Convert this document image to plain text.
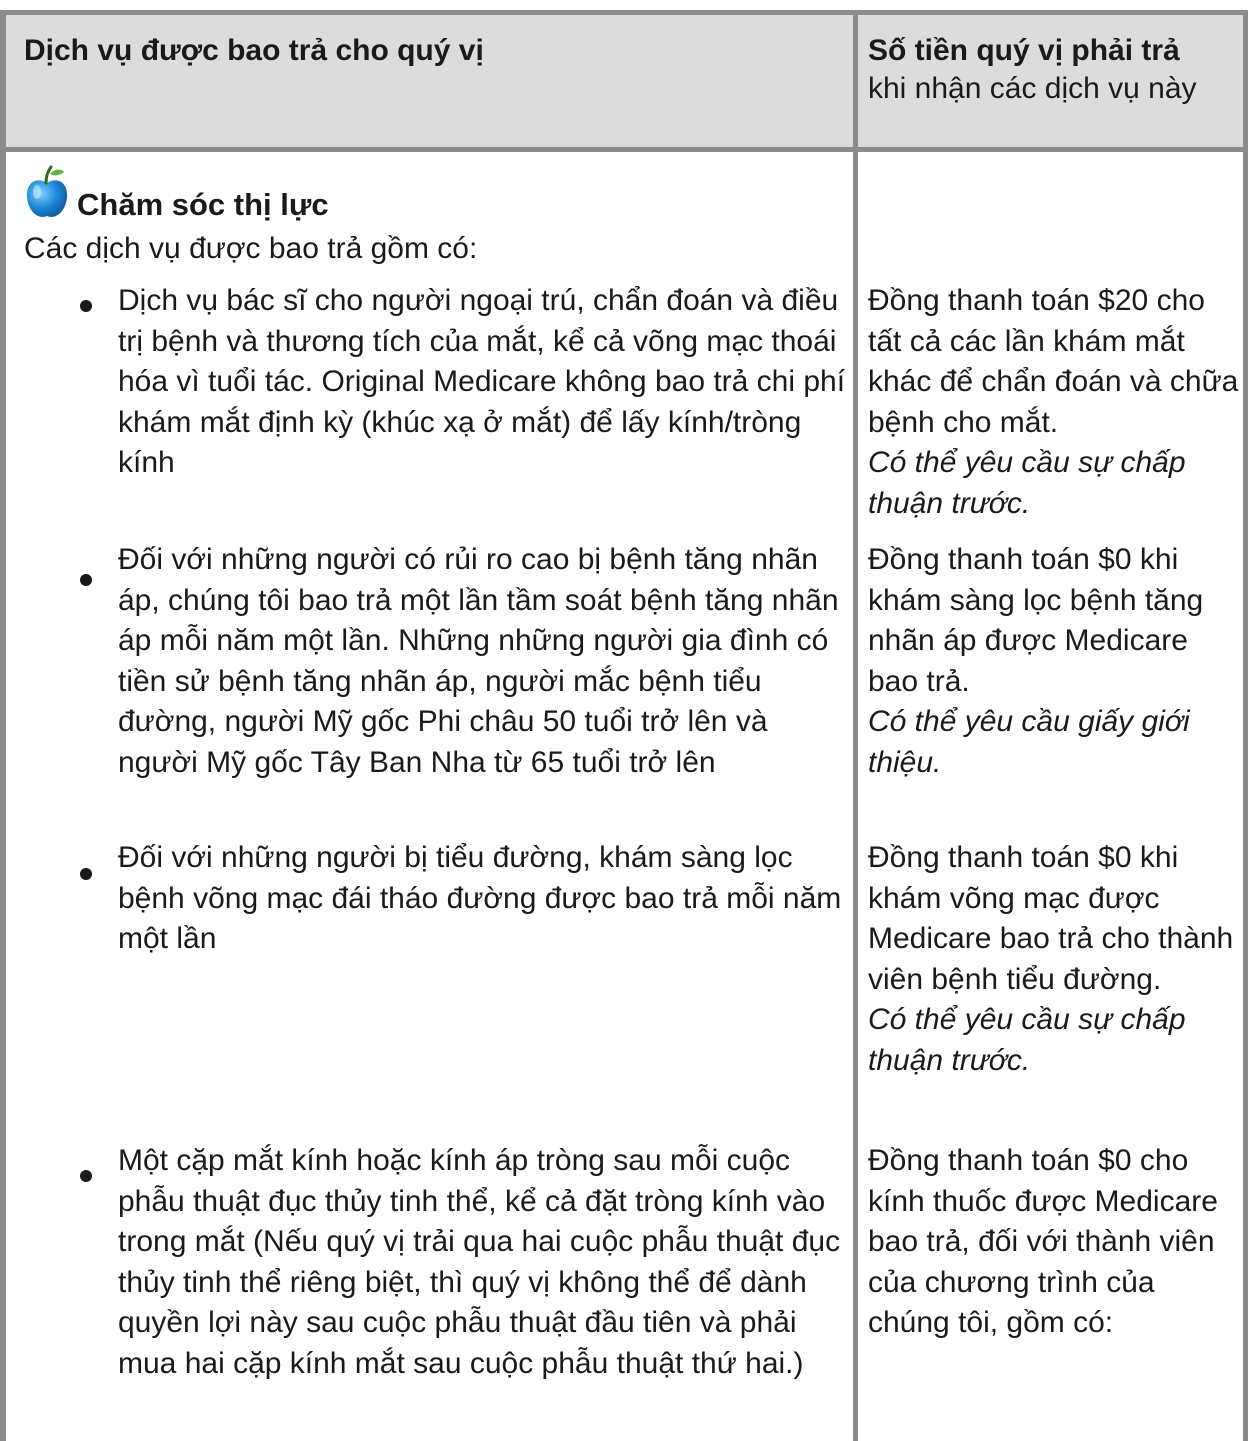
Dịch vụ được bao trả cho quý vị	Số tiền quý vị phải trả
khi nhận các dịch vụ này
Chăm sóc thị lực
Các dịch vụ được bao trả gồm có:
Dịch vụ bác sĩ cho người ngoại trú, chẩn đoán và điều trị bệnh và thương tích của mắt, kể cả võng mạc thoái hóa vì tuổi tác. Original Medicare không bao trả chi phí khám mắt định kỳ (khúc xạ ở mắt) để lấy kính/tròng kính
Đồng thanh toán $20 cho tất cả các lần khám mắt khác để chẩn đoán và chữa bệnh cho mắt.
Có thể yêu cầu sự chấp thuận trước.
Đối với những người có rủi ro cao bị bệnh tăng nhãn áp, chúng tôi bao trả một lần tầm soát bệnh tăng nhãn áp mỗi năm một lần. Những những người gia đình có tiền sử bệnh tăng nhãn áp, người mắc bệnh tiểu đường, người Mỹ gốc Phi châu 50 tuổi trở lên và người Mỹ gốc Tây Ban Nha từ 65 tuổi trở lên
Đồng thanh toán $0 khi khám sàng lọc bệnh tăng nhãn áp được Medicare bao trả.
Có thể yêu cầu giấy giới thiệu.
Đối với những người bị tiểu đường, khám sàng lọc bệnh võng mạc đái tháo đường được bao trả mỗi năm một lần
Đồng thanh toán $0 khi khám võng mạc được Medicare bao trả cho thành viên bệnh tiểu đường.
Có thể yêu cầu sự chấp thuận trước.
Một cặp mắt kính hoặc kính áp tròng sau mỗi cuộc phẫu thuật đục thủy tinh thể, kể cả đặt tròng kính vào trong mắt (Nếu quý vị trải qua hai cuộc phẫu thuật đục thủy tinh thể riêng biệt, thì quý vị không thể để dành quyền lợi này sau cuộc phẫu thuật đầu tiên và phải mua hai cặp kính mắt sau cuộc phẫu thuật thứ hai.)
Đồng thanh toán $0 cho kính thuốc được Medicare bao trả, đối với thành viên của chương trình của chúng tôi, gồm có:
